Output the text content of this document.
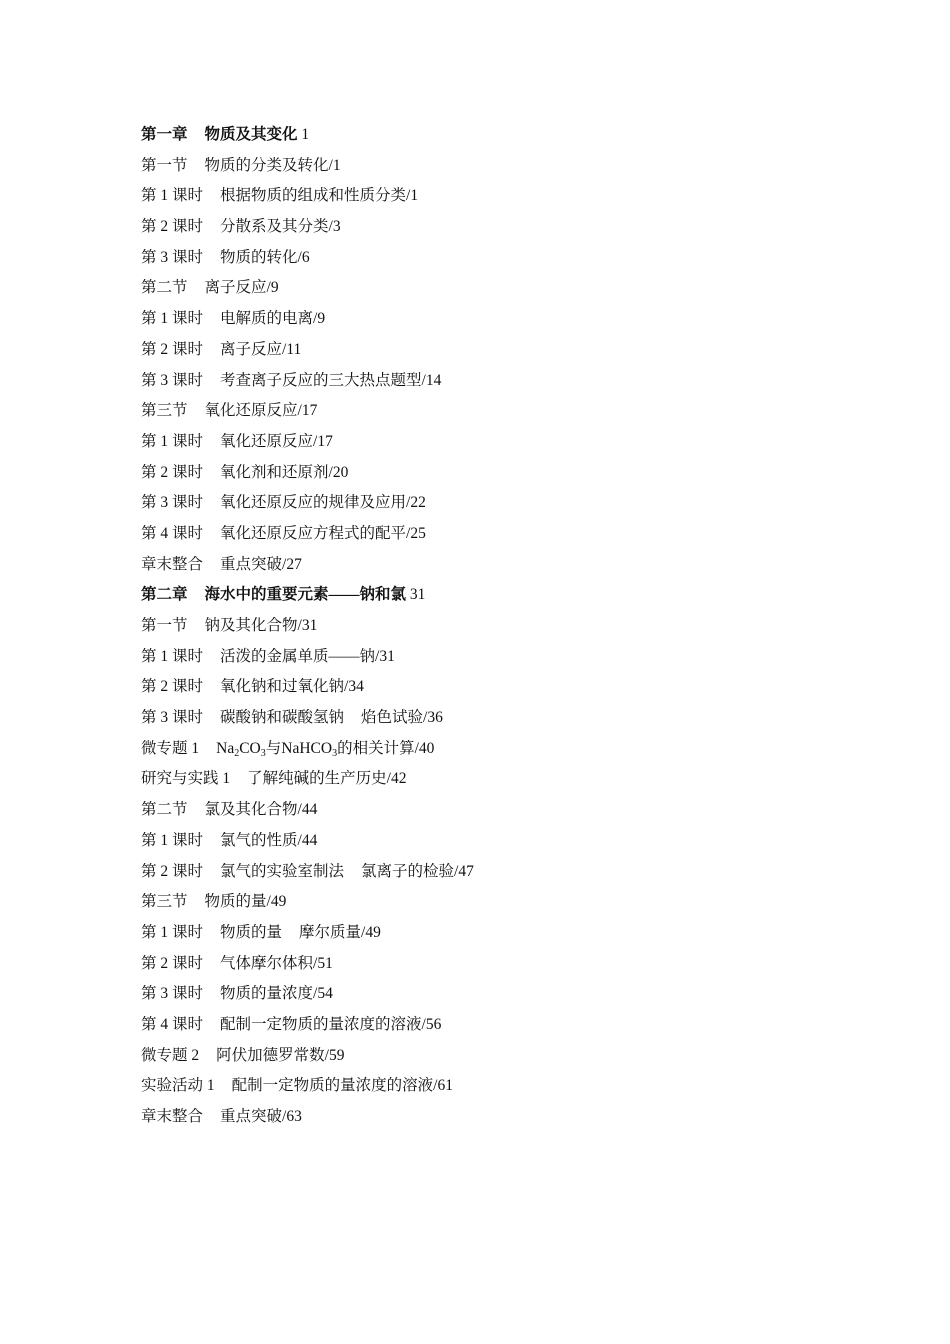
第一章 物质及其变化 1

第一节 物质的分类及转化/1

第 1 课时 根据物质的组成和性质分类/1

第 2 课时 分散系及其分类/3

第 3 课时 物质的转化/6

第二节 离子反应/9

第 1 课时 电解质的电离/9

第 2 课时 离子反应/11

第 3 课时 考查离子反应的三大热点题型/14

第三节 氧化还原反应/17

第 1 课时 氧化还原反应/17

第 2 课时 氧化剂和还原剂/20

第 3 课时 氧化还原反应的规律及应用/22

第 4 课时 氧化还原反应方程式的配平/25

章末整合 重点突破/27

第二章 海水中的重要元素——钠和氯 31

第一节 钠及其化合物/31

第 1 课时 活泼的金属单质——钠/31

第 2 课时 氧化钠和过氧化钠/34

第 3 课时 碳酸钠和碳酸氢钠 焰色试验/36

微专题 1 $Na_2CO_3$与NaHCO$_3$的相关计算/40

研究与实践 1 了解纯碱的生产历史/42

第二节 氯及其化合物/44

第 1 课时 氯气的性质/44

第 2 课时 氯气的实验室制法 氯离子的检验/47

第三节 物质的量/49

第 1 课时 物质的量 摩尔质量/49

第 2 课时 气体摩尔体积/51

第 3 课时 物质的量浓度/54

第 4 课时 配制一定物质的量浓度的溶液/56

微专题 2 阿伏加德罗常数/59

实验活动 1 配制一定物质的量浓度的溶液/61

章末整合 重点突破/63
